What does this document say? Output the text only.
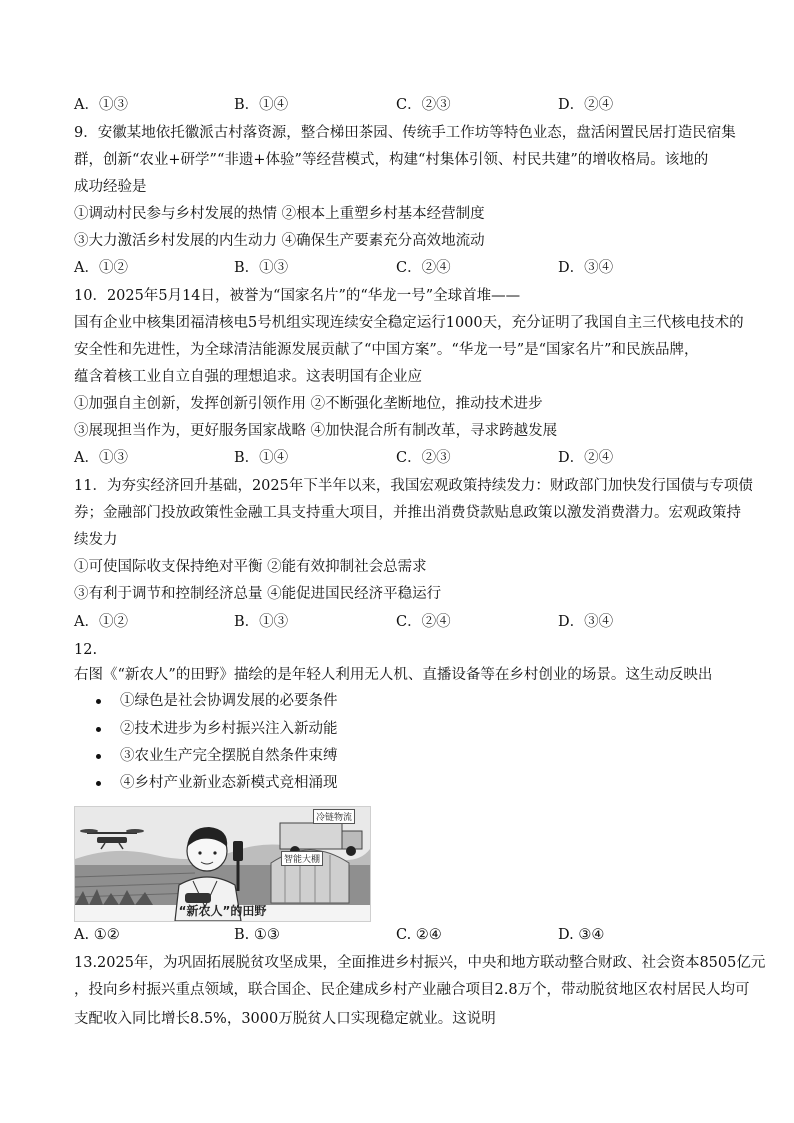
A．①③	B．①④	C．②③	D．②④
9．安徽某地依托徽派古村落资源，整合梯田茶园、传统手工作坊等特色业态，盘活闲置民居打造民宿集
群，创新“农业+研学”“非遗+体验”等经营模式，构建“村集体引领、村民共建”的增收格局。该地的
成功经验是
①调动村民参与乡村发展的热情 ②根本上重塑乡村基本经营制度
③大力激活乡村发展的内生动力 ④确保生产要素充分高效地流动
A．①②	B．①③	C．②④	D．③④
10．2025年5月14日，被誉为“国家名片”的“华龙一号”全球首堆——
国有企业中核集团福清核电5号机组实现连续安全稳定运行1000天，充分证明了我国自主三代核电技术的
安全性和先进性，为全球清洁能源发展贡献了“中国方案”。“华龙一号”是“国家名片”和民族品牌，
蕴含着核工业自立自强的理想追求。这表明国有企业应
①加强自主创新，发挥创新引领作用 ②不断强化垄断地位，推动技术进步
③展现担当作为，更好服务国家战略 ④加快混合所有制改革，寻求跨越发展
A．①③	B．①④	C．②③	D．②④
11．为夯实经济回升基础，2025年下半年以来，我国宏观政策持续发力：财政部门加快发行国债与专项债
券；金融部门投放政策性金融工具支持重大项目，并推出消费贷款贴息政策以激发消费潜力。宏观政策持
续发力
①可使国际收支保持绝对平衡 ②能有效抑制社会总需求
③有利于调节和控制经济总量 ④能促进国民经济平稳运行
A．①②	B．①③	C．②④	D．③④
12.
右图《“新农人”的田野》描绘的是年轻人利用无人机、直播设备等在乡村创业的场景。这生动反映出
①绿色是社会协调发展的必要条件
②技术进步为乡村振兴注入新动能
③农业生产完全摆脱自然条件束缚
④乡村产业新业态新模式竞相涌现
冷链物流
智能大棚
“新农人”的田野
A. ①②	B. ①③	C. ②④	D. ③④
13.2025年，为巩固拓展脱贫攻坚成果，全面推进乡村振兴，中央和地方联动整合财政、社会资本8505亿元
，投向乡村振兴重点领域，联合国企、民企建成乡村产业融合项目2.8万个，带动脱贫地区农村居民人均可
支配收入同比增长8.5%，3000万脱贫人口实现稳定就业。这说明
